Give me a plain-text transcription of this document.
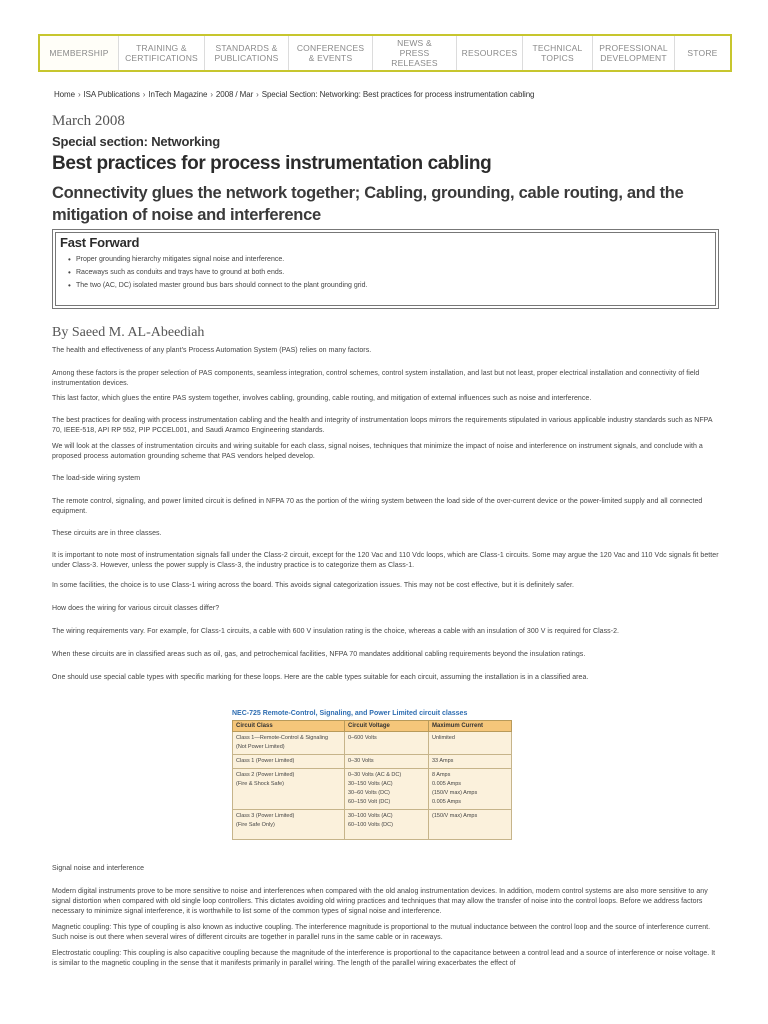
MEMBERSHIP	TRAINING &
CERTIFICATIONS
STANDARDS &
PUBLICATIONS
CONFERENCES
& EVENTS
NEWS &
PRESS RELEASES
RESOURCES	TECHNICAL
TOPICS
PROFESSIONAL
DEVELOPMENT	STORE
Home › ISA Publications › InTech Magazine › 2008 / Mar › Special Section: Networking: Best practices for process instrumentation cabling
March 2008
Special section: Networking
Best practices for process instrumentation cabling
Connectivity glues the network together; Cabling, grounding, cable routing, and the mitigation of noise and interference
Fast Forward
• Proper grounding hierarchy mitigates signal noise and interference.
• Raceways such as conduits and trays have to ground at both ends.
• The two (AC, DC) isolated master ground bus bars should connect to the plant grounding grid.
By Saeed M. AL-Abeediah

The health and effectiveness of any plant's Process Automation System (PAS) relies on many factors.

Among these factors is the proper selection of PAS components, seamless integration, control schemes, control system installation, and last but not least, proper electrical installation and connectivity of field instrumentation devices.

This last factor, which glues the entire PAS system together, involves cabling, grounding, cable routing, and mitigation of external influences such as noise and interference.

The best practices for dealing with process instrumentation cabling and the health and integrity of instrumentation loops mirrors the requirements stipulated in various applicable industry standards such as NFPA 70, IEEE-518, API RP 552, PIP PCCEL001, and Saudi Aramco Engineering standards.

We will look at the classes of instrumentation circuits and wiring suitable for each class, signal noises, techniques that minimize the impact of noise and interference on instrument signals, and conclude with a proposed process automation grounding scheme that PAS vendors helped develop.

The load-side wiring system

The remote control, signaling, and power limited circuit is defined in NFPA 70 as the portion of the wiring system between the load side of the over-current device or the power-limited supply and all connected equipment.

These circuits are in three classes.

It is important to note most of instrumentation signals fall under the Class-2 circuit, except for the 120 Vac and 110 Vdc loops, which are Class-1 circuits. Some may argue the 120 Vac and 110 Vdc signals fit better under Class-3. However, unless the power supply is Class-3, the industry practice is to categorize them as Class-1.

In some facilities, the choice is to use Class-1 wiring across the board. This avoids signal categorization issues. This may not be cost effective, but it is definitely safer.

How does the wiring for various circuit classes differ?

The wiring requirements vary. For example, for Class-1 circuits, a cable with 600 V insulation rating is the choice, whereas a cable with an insulation of 300 V is required for Class-2.

When these circuits are in classified areas such as oil, gas, and petrochemical facilities, NFPA 70 mandates additional cabling requirements beyond the insulation ratings.

One should use special cable types with specific marking for these loops. Here are the cable types suitable for each circuit, assuming the installation is in a classified area.

NEC-725 Remote-Control, Signaling, and Power Limited circuit classes
Circuit Class	Circuit Voltage	Maximum Current

Class 1—Remote-Control & Signaling
(Not Power Limited)	0–600 Volts	Unlimited

Class 1 (Power Limited)	0–30 Volts	33 Amps

Class 2 (Power Limited)
(Fire & Shock Safe)	0–30 Volts (AC & DC)
30–150 Volts (AC)
30–60 Volts (DC)
60–150 Volt (DC)	8 Amps
0.005 Amps
(150/V max) Amps
0.005 Amps

Class 3 (Power Limited)
(Fire Safe Only)	30–100 Volts (AC)
60–100 Volts (DC)	(150/V max) Amps

Signal noise and interference

Modern digital instruments prove to be more sensitive to noise and interferences when compared with the old analog instrumentation devices. In addition, modern control systems are also more sensitive to any signal distortion when compared with old single loop controllers. This dictates avoiding old wiring practices and techniques that may allow the transfer of noise into the control loops. Before we address factors necessary to minimize signal interference, it is worthwhile to list some of the common types of signal noise and interference.

Magnetic coupling: This type of coupling is also known as inductive coupling. The interference magnitude is proportional to the mutual inductance between the control loop and the source of interference current. Such noise is out there when several wires of different circuits are together in parallel runs in the same cable or in raceways.

Electrostatic coupling: This coupling is also capacitive coupling because the magnitude of the interference is proportional to the capacitance between a control lead and a source of interference or noise voltage. It is similar to the magnetic coupling in the sense that it manifests primarily in parallel wiring. The length of the parallel wiring exacerbates the effect of
